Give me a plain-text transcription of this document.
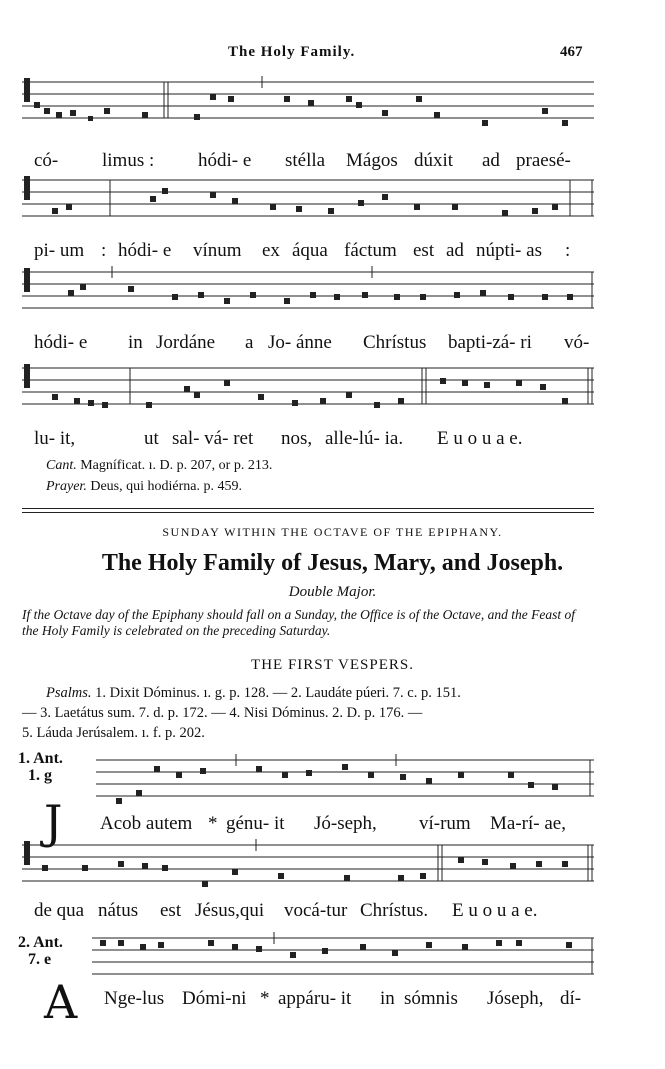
The Holy Family.	467
có- limus : hódi- e stélla Mágos dúxit ad praesé-
pi- um : hódi- e vínum ex áqua fáctum est ad núpti- as :
hódi- e in Jordáne a Jo- ánne Chrístus bapti-zá- ri vó-
lu- it,	ut sal- vá- ret nos, alle-lú- ia. E u o u a e.
Cant. Magníficat. ı. D. p. 207, or p. 213.
Prayer. Deus, qui hodiérna. p. 459.
SUNDAY WITHIN THE OCTAVE OF THE EPIPHANY.
The Holy Family of Jesus, Mary, and Joseph.
Double Major.
If the Octave day of the Epiphany should fall on a Sunday, the Office is of the Octave, and the Feast of the Holy Family is celebrated on the preceding Saturday.
THE FIRST VESPERS.
Psalms. 1. Dixit Dóminus. ı. g. p. 128. — 2. Laudáte púeri. 7. c. p. 151.
— 3. Laetátus sum. 7. d. p. 172. — 4. Nisi Dóminus. 2. D. p. 176. —
5. Láuda Jerúsalem. ı. f. p. 202.
1. Ant.
1. g
J Acob autem * génu- it Jó-seph, ví-rum Ma-rí- ae,
de qua nátus est Jésus,qui vocá-tur Chrístus. E u o u a e.
2. Ant.
7. e
A Nge-lus Dómi-ni * appáru- it in sómnis Jóseph, dí-
